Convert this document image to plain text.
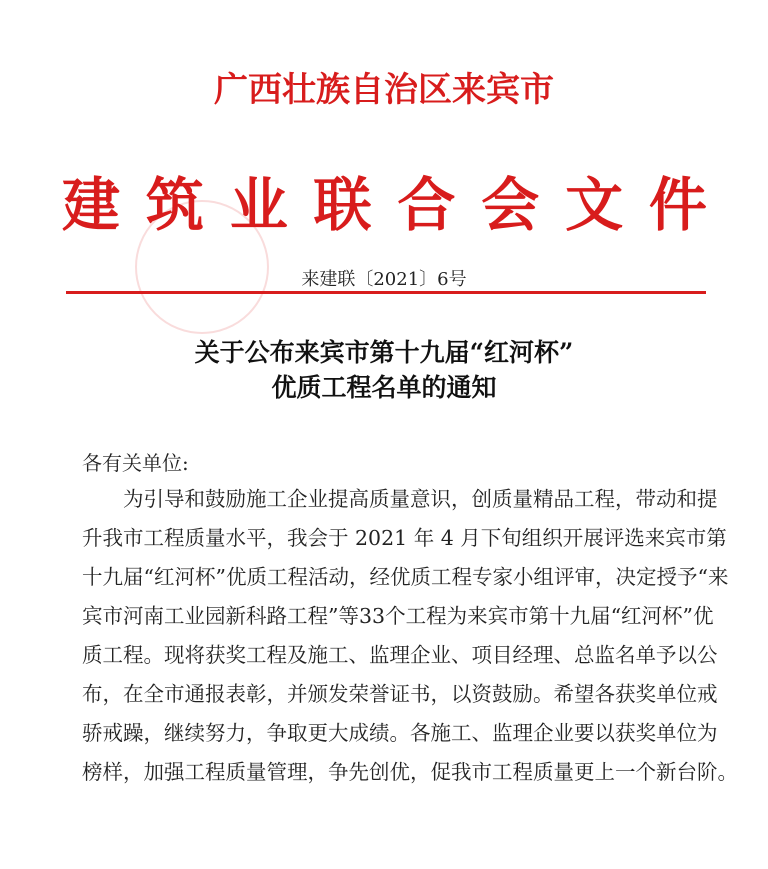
广西壮族自治区来宾市
建 筑 业 联 合 会 文 件
来建联〔2021〕6号
关于公布来宾市第十九届“红河杯”
优质工程名单的通知
各有关单位:
　　为引导和鼓励施工企业提高质量意识，创质量精品工程，带动和提
升我市工程质量水平，我会于 2021 年 4 月下旬组织开展评选来宾市第
十九届“红河杯”优质工程活动，经优质工程专家小组评审，决定授予“来
宾市河南工业园新科路工程”等33个工程为来宾市第十九届“红河杯”优
质工程。现将获奖工程及施工、监理企业、项目经理、总监名单予以公
布，在全市通报表彰，并颁发荣誉证书，以资鼓励。希望各获奖单位戒
骄戒躁，继续努力，争取更大成绩。各施工、监理企业要以获奖单位为
榜样，加强工程质量管理，争先创优，促我市工程质量更上一个新台阶。
